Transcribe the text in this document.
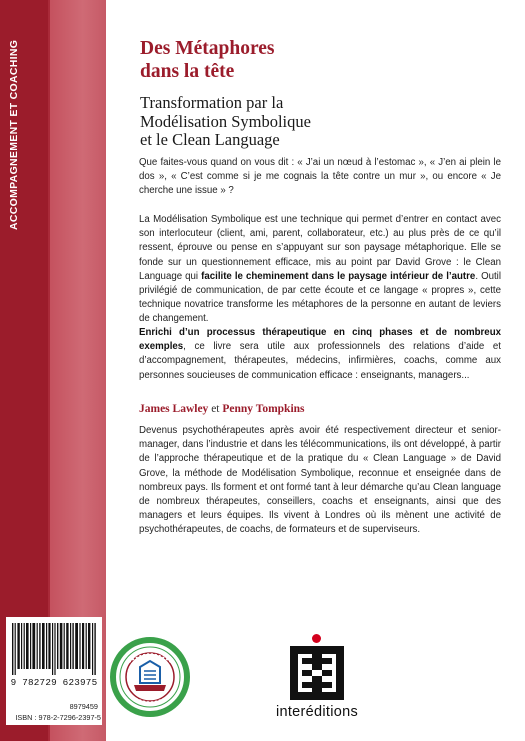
ACCOMPAGNEMENT ET COACHING	Des Métaphores
dans la tête
Transformation par la
Modélisation Symbolique
et le Clean Language

Que faites-vous quand on vous dit : « J’ai un nœud à l’estomac », « J’en ai plein le dos », « C’est comme si je me cognais la tête contre un mur », ou encore « Je cherche une issue » ?

La Modélisation Symbolique est une technique qui permet d’entrer en contact avec son interlocuteur (client, ami, parent, collaborateur, etc.) au plus près de ce qu’il ressent, éprouve ou pense en s’appuyant sur son paysage métaphorique. Elle se fonde sur un questionnement efficace, mis au point par David Grove : le Clean Language qui facilite le cheminement dans le paysage intérieur de l’autre. Outil privilégié de communication, de par cette écoute et ce langage « propres », cette technique novatrice transforme les métaphores de la personne en autant de leviers de changement.

Enrichi d’un processus thérapeutique en cinq phases et de nombreux exemples, ce livre sera utile aux professionnels des relations d’aide et d’accompagnement, thérapeutes, médecins, infirmières, coachs, comme aux personnes soucieuses de communication efficace : enseignants, managers...

James Lawley et Penny Tompkins

Devenus psychothérapeutes après avoir été respectivement directeur et senior-manager, dans l’industrie et dans les télécommunications, ils ont développé, à partir de l’approche thérapeutique et de la pratique du « Clean Language » de David Grove, la méthode de Modélisation Symbolique, reconnue et enseignée dans de nombreux pays. Ils forment et ont formé tant à leur démarche qu’au Clean language de nombreux thérapeutes, conseillers, coachs et enseignants, ainsi que des managers et leurs équipes. Ils vivent à Londres où ils mènent une activité de psychothérapeutes, de coachs, de formateurs et de superviseurs.

9 782729 623975
8979459
ISBN : 978-2-7296-2397-5	interéditions
